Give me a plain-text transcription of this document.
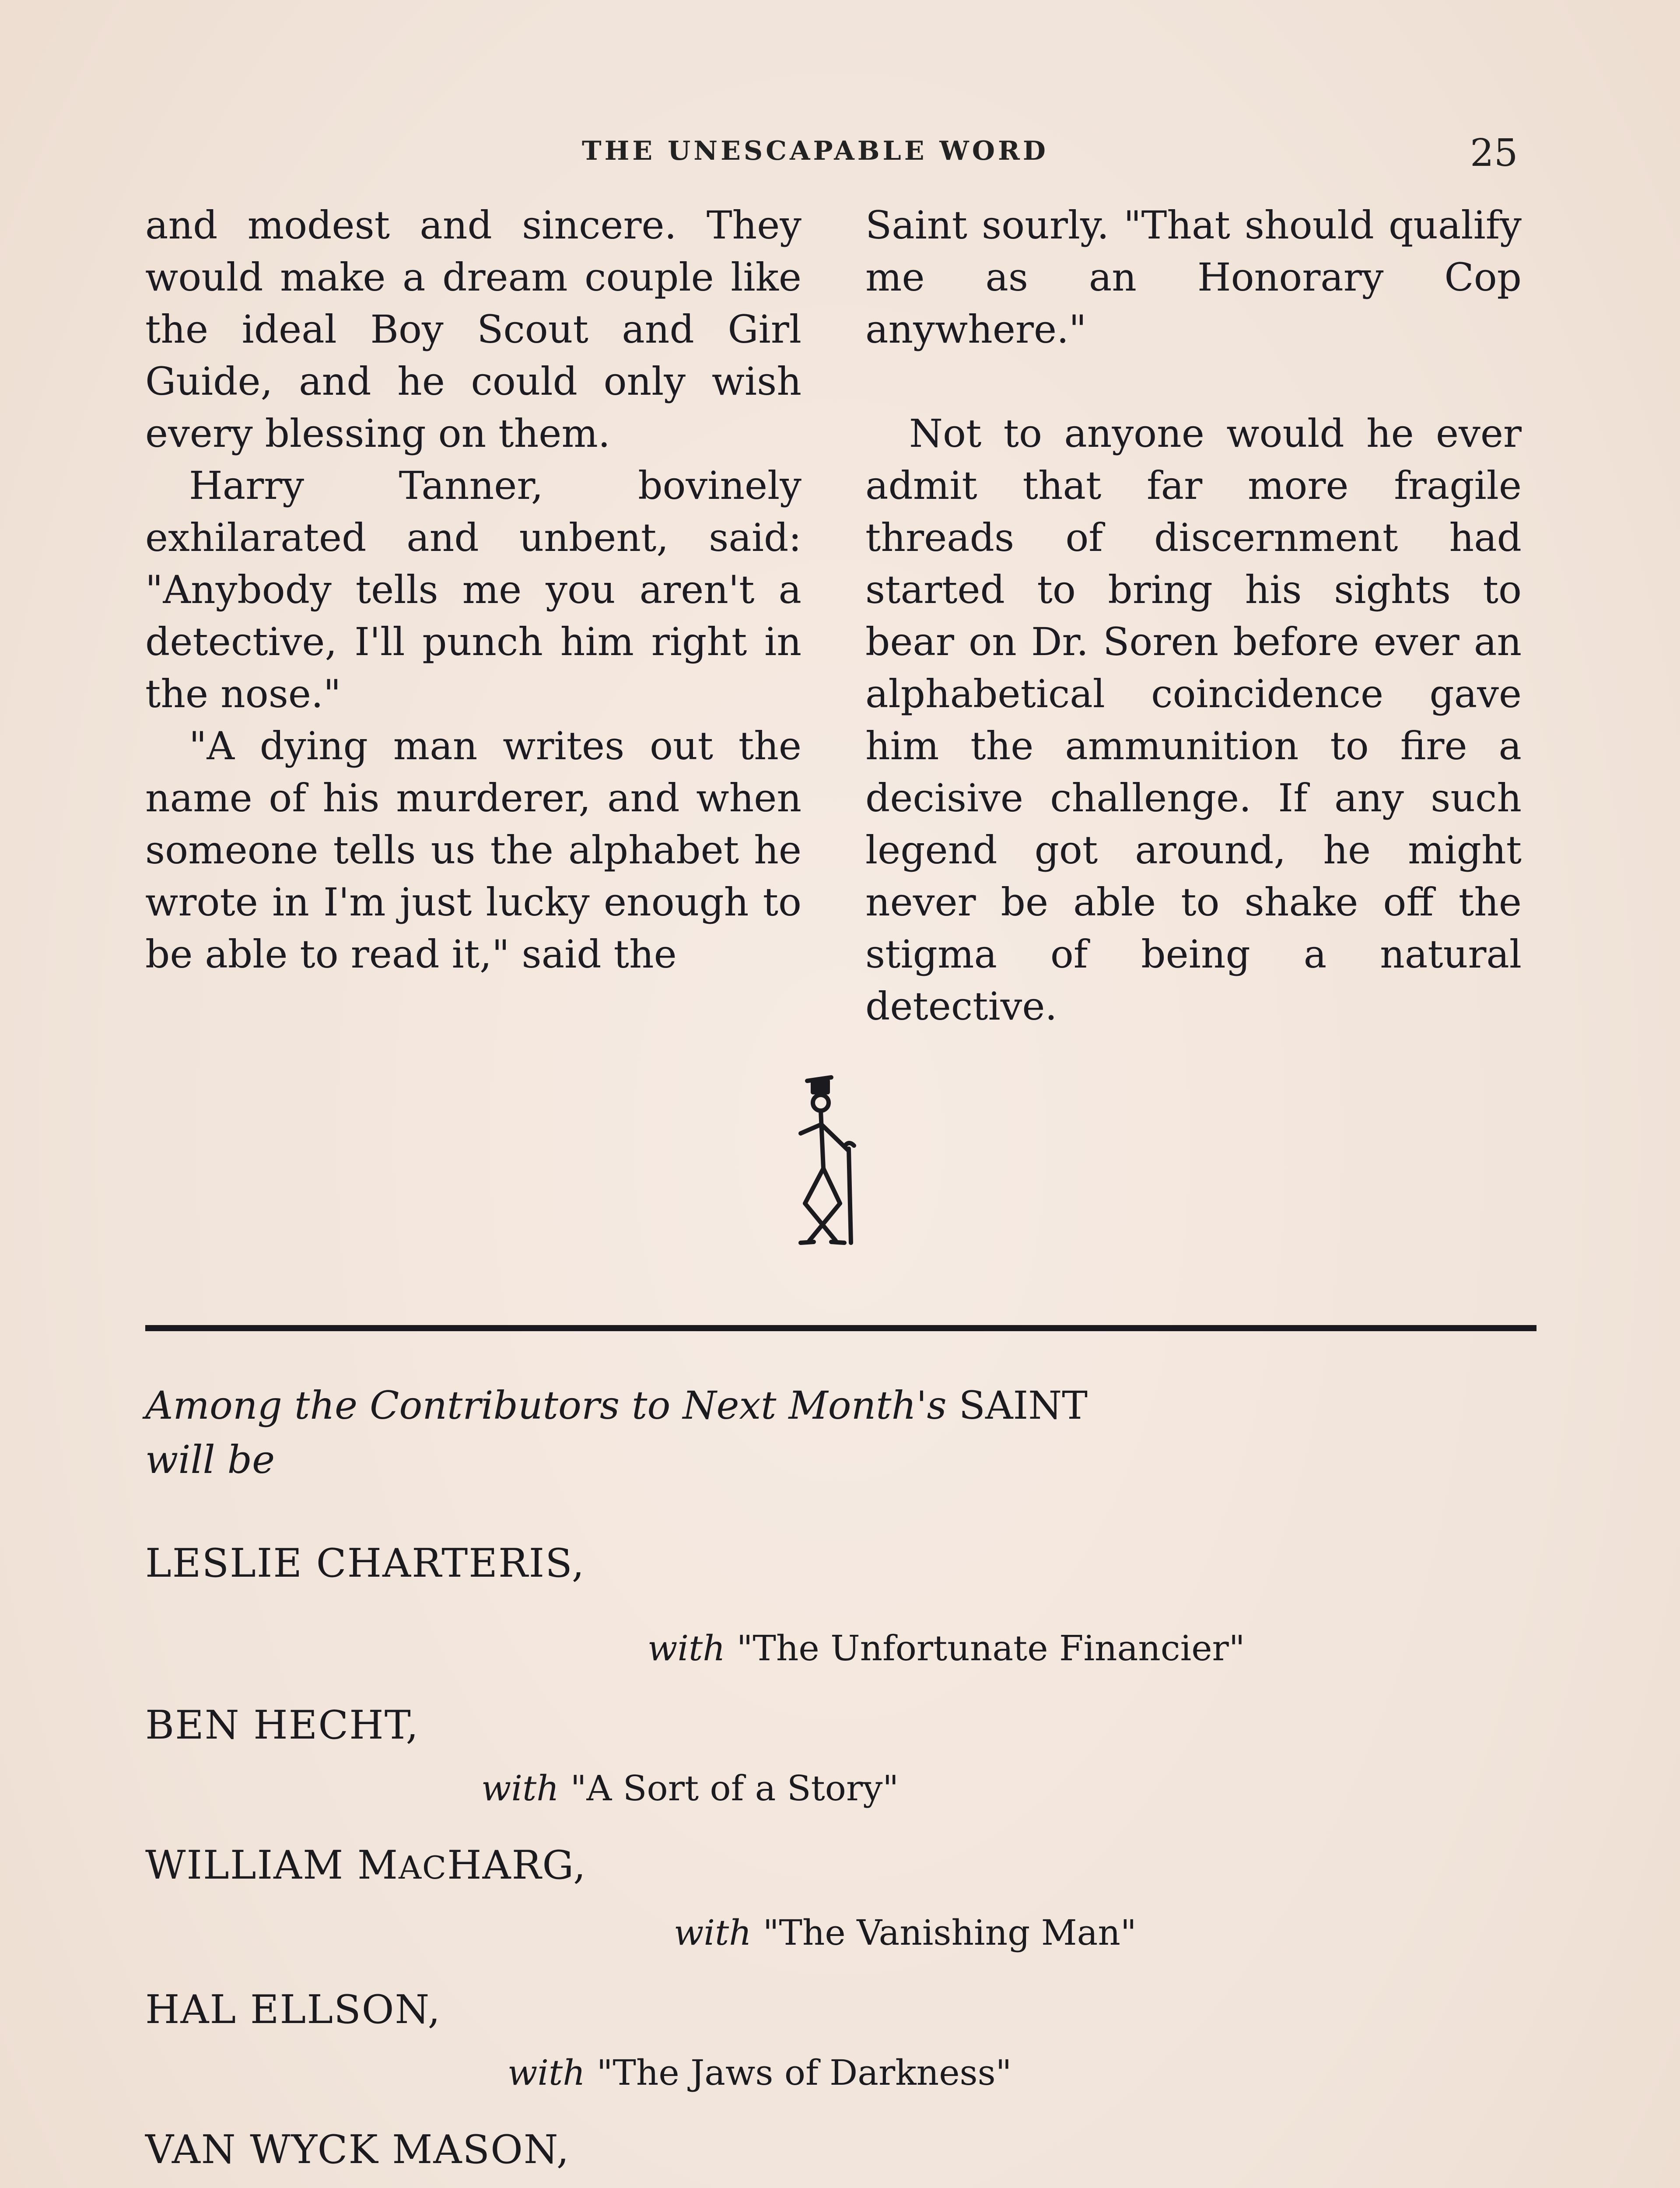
THE UNESCAPABLE WORD	25

and modest and sincere. They would make a dream couple like the ideal Boy Scout and Girl Guide, and he could only wish every blessing on them.

Harry Tanner, bovinely exhilarated and unbent, said: "Anybody tells me you aren't a detective, I'll punch him right in the nose."

"A dying man writes out the name of his murderer, and when someone tells us the alphabet he wrote in I'm just lucky enough to be able to read it," said the

Saint sourly. "That should qualify me as an Honorary Cop anywhere."

Not to anyone would he ever admit that far more fragile threads of discernment had started to bring his sights to bear on Dr. Soren before ever an alphabetical coincidence gave him the ammunition to fire a decisive challenge. If any such legend got around, he might never be able to shake off the stigma of being a natural detective.

Among the Contributors to Next Month's SAINT
will be
LESLIE CHARTERIS,
with "The Unfortunate Financier"
BEN HECHT,
with "A Sort of a Story"
WILLIAM MACHARG,
with "The Vanishing Man"
HAL ELLSON,
with "The Jaws of Darkness"
VAN WYCK MASON,
